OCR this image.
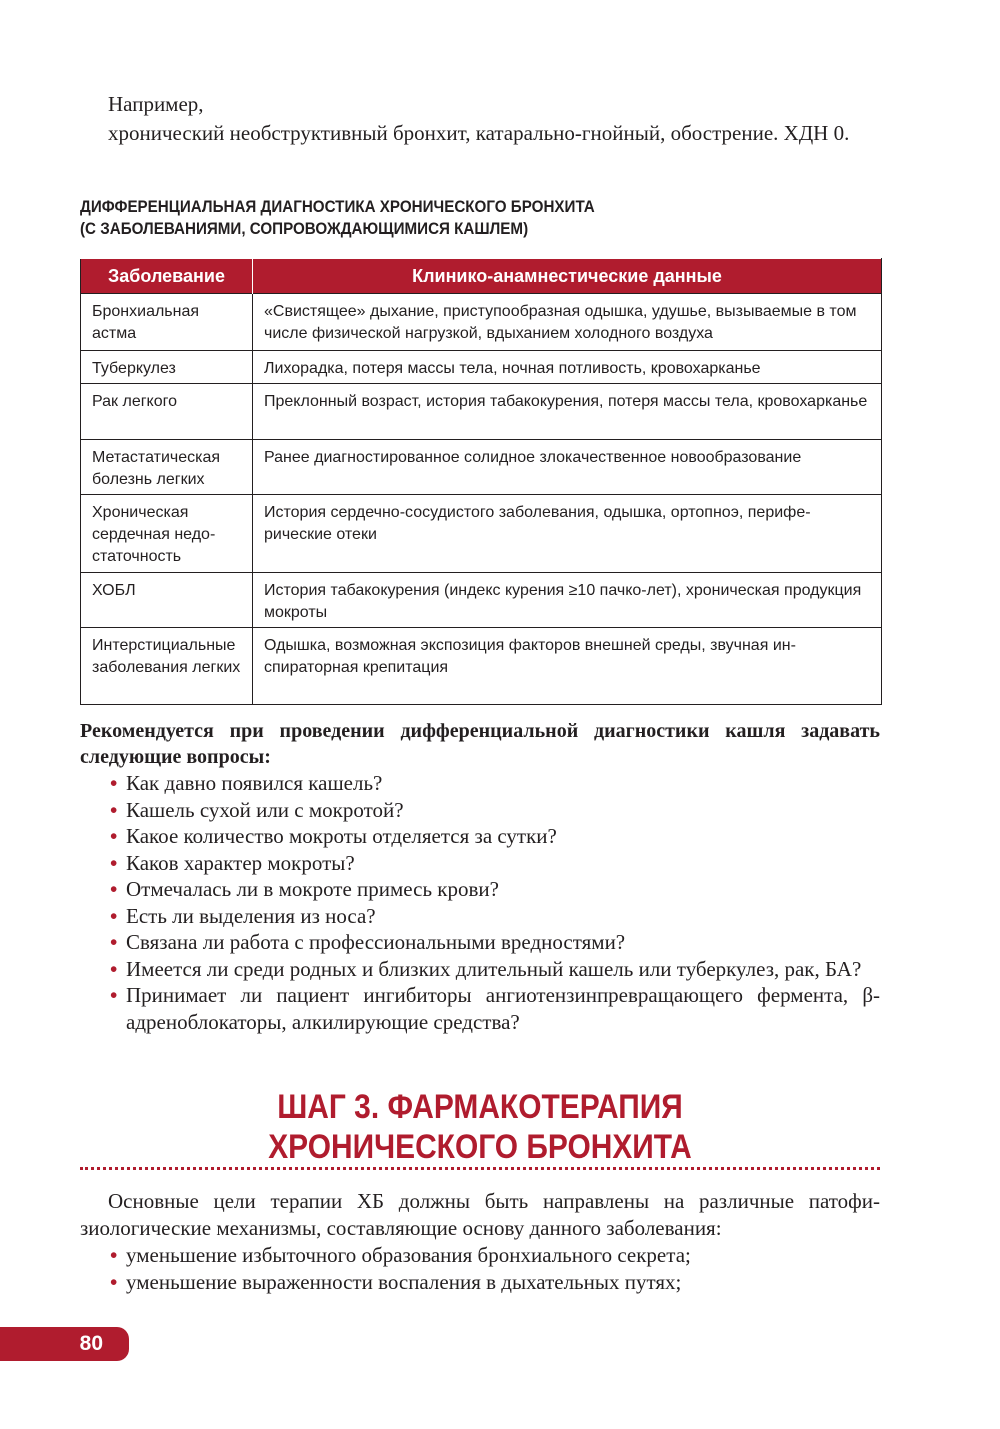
Например,

хронический необструктивный бронхит, катарально-гнойный, обострение. ХДН 0.

ДИФФЕРЕНЦИАЛЬНАЯ ДИАГНОСТИКА ХРОНИЧЕСКОГО БРОНХИТА
(С ЗАБОЛЕВАНИЯМИ, СОПРОВОЖДАЮЩИМИСЯ КАШЛЕМ)
Заболевание	Клинико-анамнестические данные
Бронхиальная астма	«Свистящее» дыхание, приступообразная одышка, удушье, вызываемые в том числе физической нагрузкой, вдыханием холодного воздуха
Туберкулез	Лихорадка, потеря массы тела, ночная потливость, кровохарканье
Рак легкого	Преклонный возраст, история табакокурения, потеря массы тела, кровохарканье
Метастатическая болезнь легких	Ранее диагностированное солидное злокачественное новообразование
Хроническая сердечная недостаточность	История сердечно-сосудистого заболевания, одышка, ортопноэ, периферические отеки
ХОБЛ	История табакокурения (индекс курения ≥10 пачко-лет), хроническая продукция мокроты
Интерстициальные заболевания легких	Одышка, возможная экспозиция факторов внешней среды, звучная инспираторная крепитация
Рекомендуется при проведении дифференциальной диагностики кашля задавать следующие вопросы:
• Как давно появился кашель?
• Кашель сухой или с мокротой?
• Какое количество мокроты отделяется за сутки?
• Каков характер мокроты?
• Отмечалась ли в мокроте примесь крови?
• Есть ли выделения из носа?
• Связана ли работа с профессиональными вредностями?
• Имеется ли среди родных и близких длительный кашель или туберкулез, рак, БА?
• Принимает ли пациент ингибиторы ангиотензинпревращающего фермента, β-адреноблокаторы, алкилирующие средства?
ШАГ 3. ФАРМАКОТЕРАПИЯ
ХРОНИЧЕСКОГО БРОНХИТА

Основные цели терапии ХБ должны быть направлены на различные патофизиологические механизмы, составляющие основу данного заболевания:

• уменьшение избыточного образования бронхиального секрета;
• уменьшение выраженности воспаления в дыхательных путях;
80
